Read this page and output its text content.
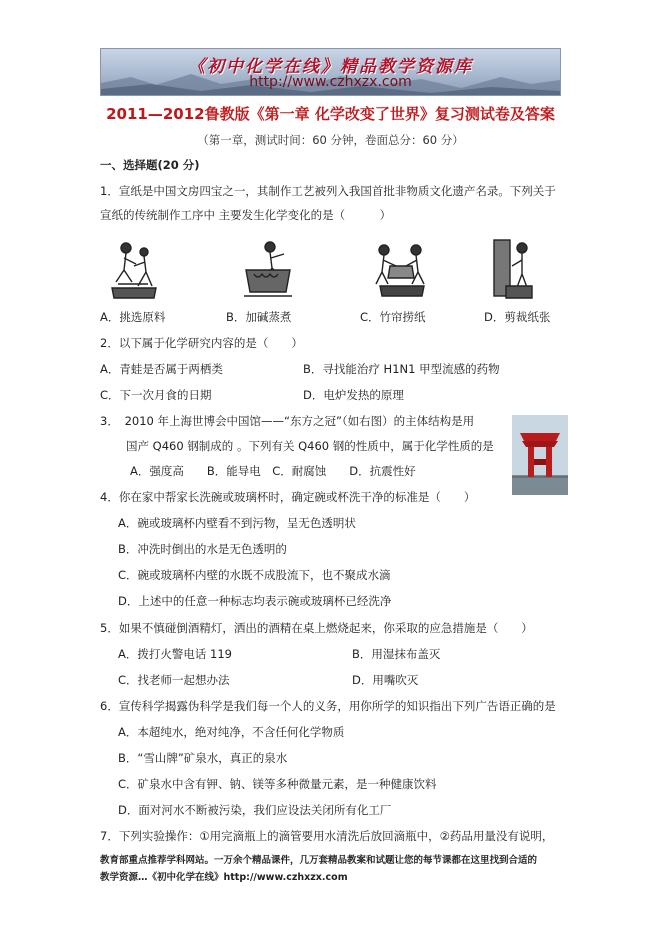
《初中化学在线》精品教学资源库
http://www.czhxzx.com
2011—2012鲁教版《第一章 化学改变了世界》复习测试卷及答案
（第一章，测试时间：60 分钟，卷面总分：60 分）
一、选择题(20 分)
1．宣纸是中国文房四宝之一，其制作工艺被列入我国首批非物质文化遗产名录。下列关于
宣纸的传统制作工序中 主要发生化学变化的是（　　　）
A．挑选原料	B．加碱蒸煮	C．竹帘捞纸	D．剪裁纸张
2．以下属于化学研究内容的是（　　）
A．青蛙是否属于两栖类	B．寻找能治疗 H1N1 甲型流感的药物
C．下一次月食的日期	D．电炉发热的原理
3．　2010 年上海世博会中国馆——“东方之冠”（如右图）的主体结构是用
国产 Q460 钢制成的 。下列有关 Q460 钢的性质中，属于化学性质的是
A．强度高　　B．能导电　C．耐腐蚀　　D．抗震性好
4．你在家中帮家长洗碗或玻璃杯时，确定碗或杯洗干净的标准是（　　）
A．碗或玻璃杯内壁看不到污物，呈无色透明状
B．冲洗时倒出的水是无色透明的
C．碗或玻璃杯内壁的水既不成股流下，也不聚成水滴
D．上述中的任意一种标志均表示碗或玻璃杯已经洗净
5．如果不慎碰倒酒精灯，洒出的酒精在桌上燃烧起来，你采取的应急措施是（　　）
A．拨打火警电话 119	B．用湿抹布盖灭
C．找老师一起想办法	D．用嘴吹灭
6．宣传科学揭露伪科学是我们每一个人的义务，用你所学的知识指出下列广告语正确的是
A．本超纯水，绝对纯净，不含任何化学物质
B．“雪山牌”矿泉水，真正的泉水
C．矿泉水中含有钾、钠、镁等多种微量元素，是一种健康饮料
D．面对河水不断被污染，我们应设法关闭所有化工厂
7．下列实验操作：①用完滴瓶上的滴管要用水清洗后放回滴瓶中，②药品用量没有说明，
教育部重点推荐学科网站。一万余个精品课件，几万套精品教案和试题让您的每节课都在这里找到合适的
教学资源…《初中化学在线》http://www.czhxzx.com
